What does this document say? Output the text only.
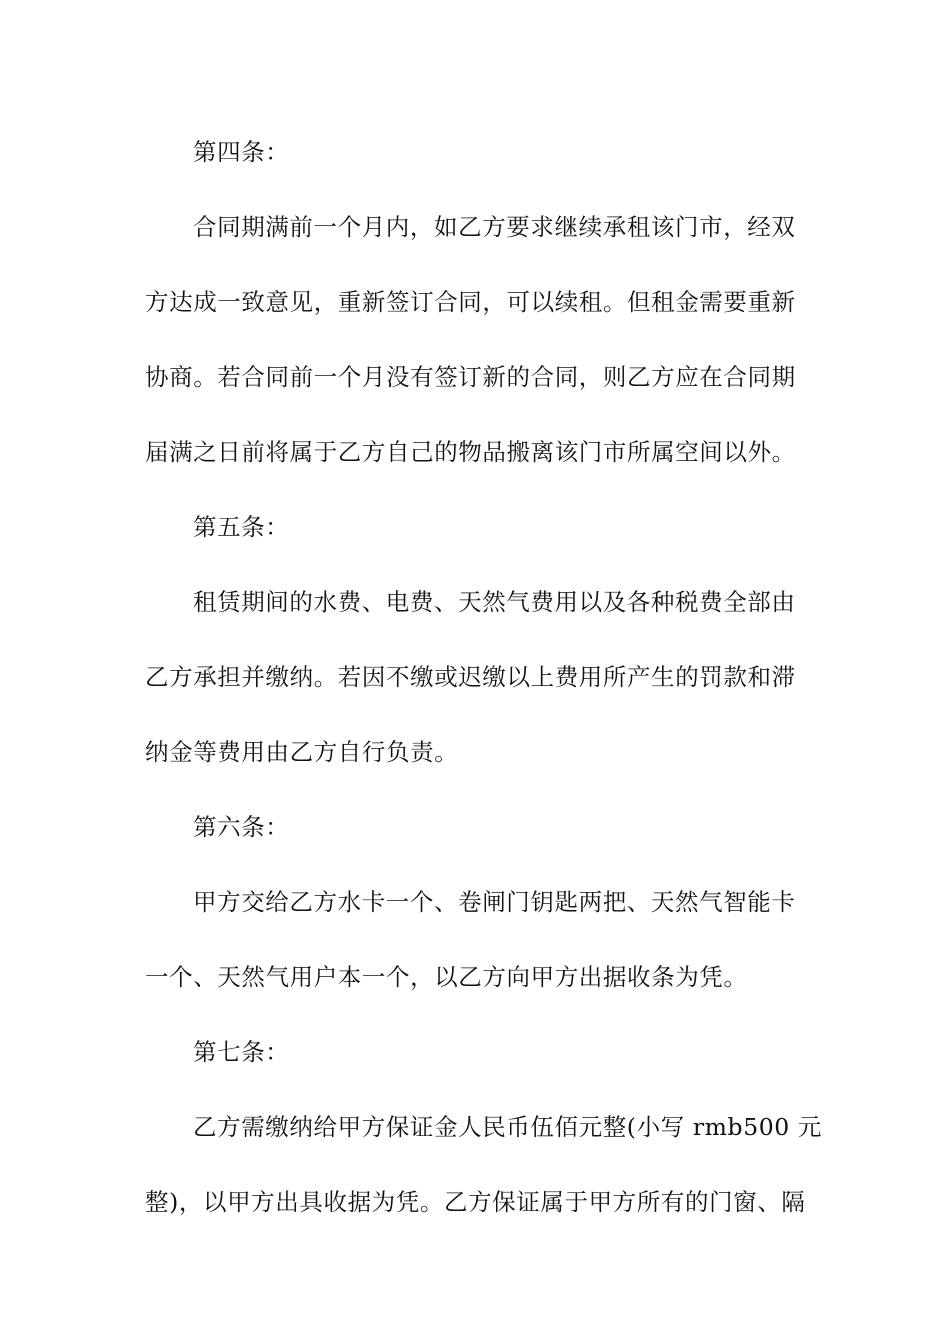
第四条：

合同期满前一个月内，如乙方要求继续承租该门市，经双

方达成一致意见，重新签订合同，可以续租。但租金需要重新

协商。若合同前一个月没有签订新的合同，则乙方应在合同期

届满之日前将属于乙方自己的物品搬离该门市所属空间以外。

第五条：

租赁期间的水费、电费、天然气费用以及各种税费全部由

乙方承担并缴纳。若因不缴或迟缴以上费用所产生的罚款和滞

纳金等费用由乙方自行负责。

第六条：

甲方交给乙方水卡一个、卷闸门钥匙两把、天然气智能卡

一个、天然气用户本一个，以乙方向甲方出据收条为凭。

第七条：

乙方需缴纳给甲方保证金人民币伍佰元整(小写 rmb500 元

整)，以甲方出具收据为凭。乙方保证属于甲方所有的门窗、隔
